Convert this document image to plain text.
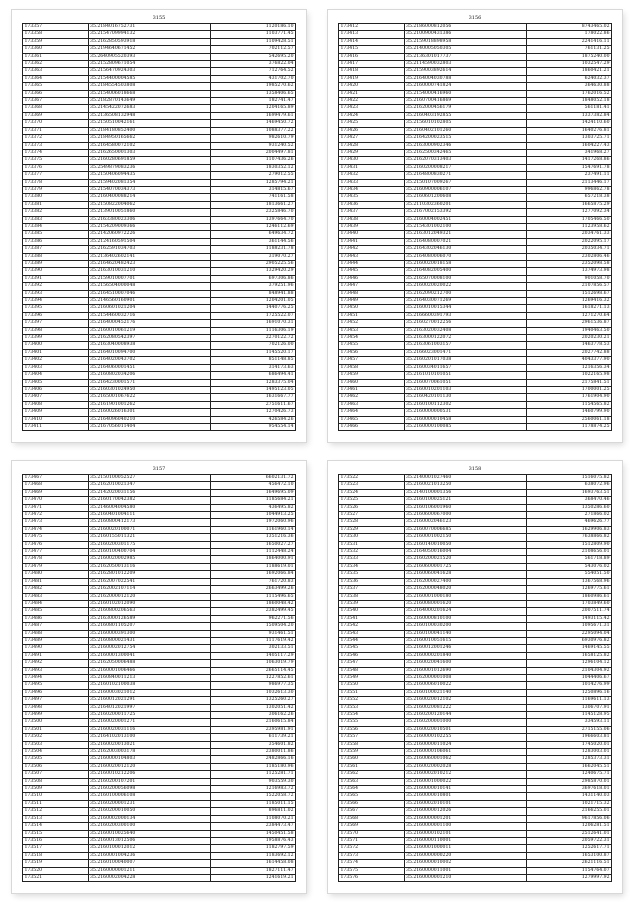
3155
173357	35.2184016752731	1120186.10
173358	35.2154709994132	1103771.45
173359	35.2162850593918	1109428.51
173360	35.2194640671452	702112.57
173361	35.2640905520393	542695.20
173362	35.2152809671054	376822.04
173363	35.2156470924303	712764.52
173364	35.2154400004585	431702.70
173365	35.2184554503808	1985270.62
173366	35.2154006018668	1358406.65
173367	35.2182870143649	182741.47
173368	35.2145422072683	1204165.89
173369	35.2136508132948	1699479.61
173370	35.2150510042161	1469450.72
173371	35.2184180852400	1088377.22
173372	35.2184950165662	982610.79
173373	35.2164580072102	931240.52
173374	35.2162650001303	2004497.81
173375	35.2160280691859	1107436.26
173376	35.2549879083236	1830352.12
173377	35.2150406094435	279012.55
173378	35.2159402081354	1285794.21
173379	35.2154070034373	314815.67
173380	35.2160400088214	741161.58
173381	35.2150822004062	1813661.27
173382	35.2139010051860	2325846.70
173383	35.2163380023306	1397664.70
173384	35.2154209009366	1246112.69
173385	35.2142060972226	649634.72
173386	35.2124160591504	361144.56
173387	35.2162591034703	1188231.78
173388	35.2136402602141	319070.27
173389	35.2164620482423	2905225.56
173390	35.2163010031210	1329420.29
173391	35.2159010007701	697306.86
173392	35.2156504000048	379251.96
173393	35.2164510007046	848941.88
173394	35.2146560160901	1204201.05
173395	35.2160601021204	1440776.25
173396	35.2154460032716	1725522.07
173397	35.2164000452176	1691070.31
173398	35.2160010061219	1116306.19
173399	35.2162080542397	2270122.72
173400	35.2163040008938	702126.00
173401	35.2164010094700	1145520.17
173402	35.2164020043702	851148.85
173403	35.2164060001451	314173.63
173404	35.2160802034206	686494.41
173405	35.2164230001571	1283375.04
173406	35.2160301024950	1495123.05
173407	35.2165001067622	1631667.77
173408	35.2161901001262	2751611.67
173409	35.2160026016301	1270426.73
173410	35.2164096040210	426584.26
173411	35.2167056011404	954554.14
3156
173412	35.2186000812056	8743465.02
173413	35.2100900431386	178022.86
173414	35.2159018898958	2241416.11
173415	35.2140005050305	761131.25
173416	35.2136301017737	1875240.00
173417	35.2114590032803	1032547.29
173418	35.2159003892614	1860421.21
173419	35.2164004030788	624032.37
173420	35.2160000741824	364630.88
173421	35.2154000416960	1762016.52
173422	35.2160700416869	1848052.18
173423	35.2162000456179	561181.41
173424	35.2160403192855	1337382.84
173425	35.2156010102805	1424110.60
173426	35.2160402101260	1640276.81
173427	35.2164200023515	1303725.71
173428	35.2163000902346	1604227.43
173429	35.2162500342465	341968.27
173430	35.2162070313403	1417268.86
173431	35.2160200008217	1547691.78
173432	35.2164800830271	237491.11
173433	35.2150107009267	2113446.17
173434	35.2160900006107	996862.78
173435	35.2160601200608	657218.38
173436	35.2110302360201	1665875.29
173437	35.2167002153392	1277092.34
173438	35.2160004002451	1705466.50
173439	35.2154301002100	1123958.62
173440	35.2163012049321	2034761.33
173441	35.2164080007021	2022095.17
173442	35.2164302046130	2035034.71
173443	35.2164080006070	2302806.46
173444	35.2160020018158	2352098.58
173445	35.2164082005400	1374973.98
173446	35.2165070008100	901058.70
173447	35.2160020020022	2107856.57
173448	35.2162090212700	1512698.67
173449	35.2164030071269	1269416.32
173450	35.2160010015344	1618271.13
173451	35.2166600391793	1271270.64
173452	35.2160270012256	2961536.87
173453	35.2163020032408	1940463.50
173454	35.2163000122072	2020230.21
173455	35.2163061003157	1463778.53
173456	35.2166023001471	2027742.88
173457	35.2160201017038	4043377.90
173458	35.2160034011657	1216356.34
173459	35.2161010101051	1022165.98
173460	35.2160070061051	2175841.51
173461	35.2160010201103	1700001.25
173462	35.2160420101130	1761904.90
173463	35.2160100112302	1154565.82
173464	35.2160000000531	1460799.90
173465	35.2160000010458	2560061.18
173466	35.2160000100085	1178874.25
3157
173467	35.2150100052527	6602131.72
173468	35.2162010021347	456472.10
173469	35.2142020031156	1649695.09
173470	35.2160170042382	1185684.21
173471	35.2146004004580	436495.82
173472	35.2160401004111	1044913.25
173473	35.2160800412173	1972060.96
173474	35.2160020100071	1161960.14
173475	35.2160155011321	1351216.36
173476	35.2160200301175	1650027.27
173477	35.2160100400704	1112448.24
173478	35.2160020002985	1864000.91
173479	35.2162050013116	1188619.01
173480	35.2162801012209	1692066.84
173481	35.2162007022541	761720.83
173482	35.2162002107114	2663499.26
173483	35.2162000012120	1115496.65
173484	35.2160102012090	1860048.42
173485	35.2160800206563	2382499.45
173486	35.2163000126589	962271.56
173487	35.2160801105207	1509504.20
173488	35.2160000391300	931461.51
173489	35.2160800021431	1117619.42
173490	35.2160002012754	302133.51
173491	35.2160001300041	1405117.29
173492	35.2162050006488	1063019.79
173493	35.2160001006466	2665114.45
173494	35.2160840011213	1227852.61
173495	35.2160102100038	986977.35
173496	35.2160003021012	1032613.30
173497	35.2160012021291	1325260.27
173498	35.2164012021997	1302051.42
173499	35.2160200011725	306162.26
173500	35.2160020001271	2160615.84
173501	35.2160020031116	2395981.91
173502	35.2164102013100	611739.21
173503	35.2160020013021	354601.82
173504	35.2162003003178	2380011.86
173505	35.2160000104803	2482866.16
173506	35.2160020012120	1185180.96
173507	35.2160010212206	1125281.71
173508	35.2160200107201	903559.30
173509	35.2160200056098	1216983.72
173510	35.2160100006108	1522058.72
173511	35.2160200001231	1185011.15
173512	35.2160200010050	896811.02
173513	35.2160002000134	1108070.21
173514	35.2160200300100	2384473.47
173515	35.2160010025640	1450451.58
173516	35.2160013012506	1958876.43
173517	35.2160100012012	1182797.59
173518	35.2160001004236	1183692.12
173519	35.2160100040007	1614458.08
173520	35.2160000001211	1827111.47
173521	35.2160002004228	1241619.21
3158
173522	35.2140001027460	1516075.82
173523	35.2160021013250	638072.96
173524	35.2140100001356	1693763.51
173525	35.2160100025121	368470.46
173526	35.2160106001960	1350286.60
173527	35.2160600067000	271866.02
173528	35.2160002046123	469626.77
173529	35.2160070006685	1629906.83
173530	35.2160001002150	7638866.82
173531	35.2160140010050	1512809.90
173532	35.2164050016004	2108656.01
173533	35.2160200021520	561718.89
173534	35.2160600001725	543076.02
173535	35.2160060041628	554051.50
173536	35.2162000027400	1367568.96
173537	35.2162000048020	1269775.61
173538	35.2160001000180	1860986.61
173539	35.2160080001620	1703849.60
173540	35.2164000201624	2007511.74
173541	35.2160000810100	1493115.42
173542	35.2160100030200	1095671.31
173543	35.2160100041140	2295094.04
173544	35.2160010051615	6930976.82
173545	35.2160012001246	1469145.55
173546	35.2160000201840	1658125.82
173547	35.2160020041600	1296104.12
173548	35.2160001012690	2104304.92
173549	35.2162000001008	1044406.67
173550	35.2160006010022	1014276.99
173551	35.2160100021140	1250896.16
173552	35.2160020012102	1169611.13
173553	35.2160020081222	1306707.91
173554	35.2160200120144	1145128.95
173555	35.2160200001000	334593.11
173556	35.2160020010501	2715155.06
173557	35.2160000102255	1966603.81
173558	35.2160000011024	1745020.01
173559	35.2160000106061	1283003.01
173560	35.2160060001062	1285373.31
173561	35.2160020002028	1662045.51
173562	35.2160002010212	1240675.71
173563	35.2160001000022	2985870.01
173564	35.2160000010141	3697618.01
173565	35.2160000010801	1431140.03
173566	35.2160002010101	1021715.32
173567	35.2160000012026	2166255.01
173568	35.2160000001201	9617856.06
173569	35.2160000001100	1206281.51
173570	35.2160000102101	2512641.01
173571	35.2160000110001	2059722.31
173572	35.2160001000011	1252617.71
173573	35.2160000000220	1653100.87
173574	35.2160000010002	2621116.51
173575	35.2160000011001	1154764.07
173576	35.2160000001210	1279997.92
